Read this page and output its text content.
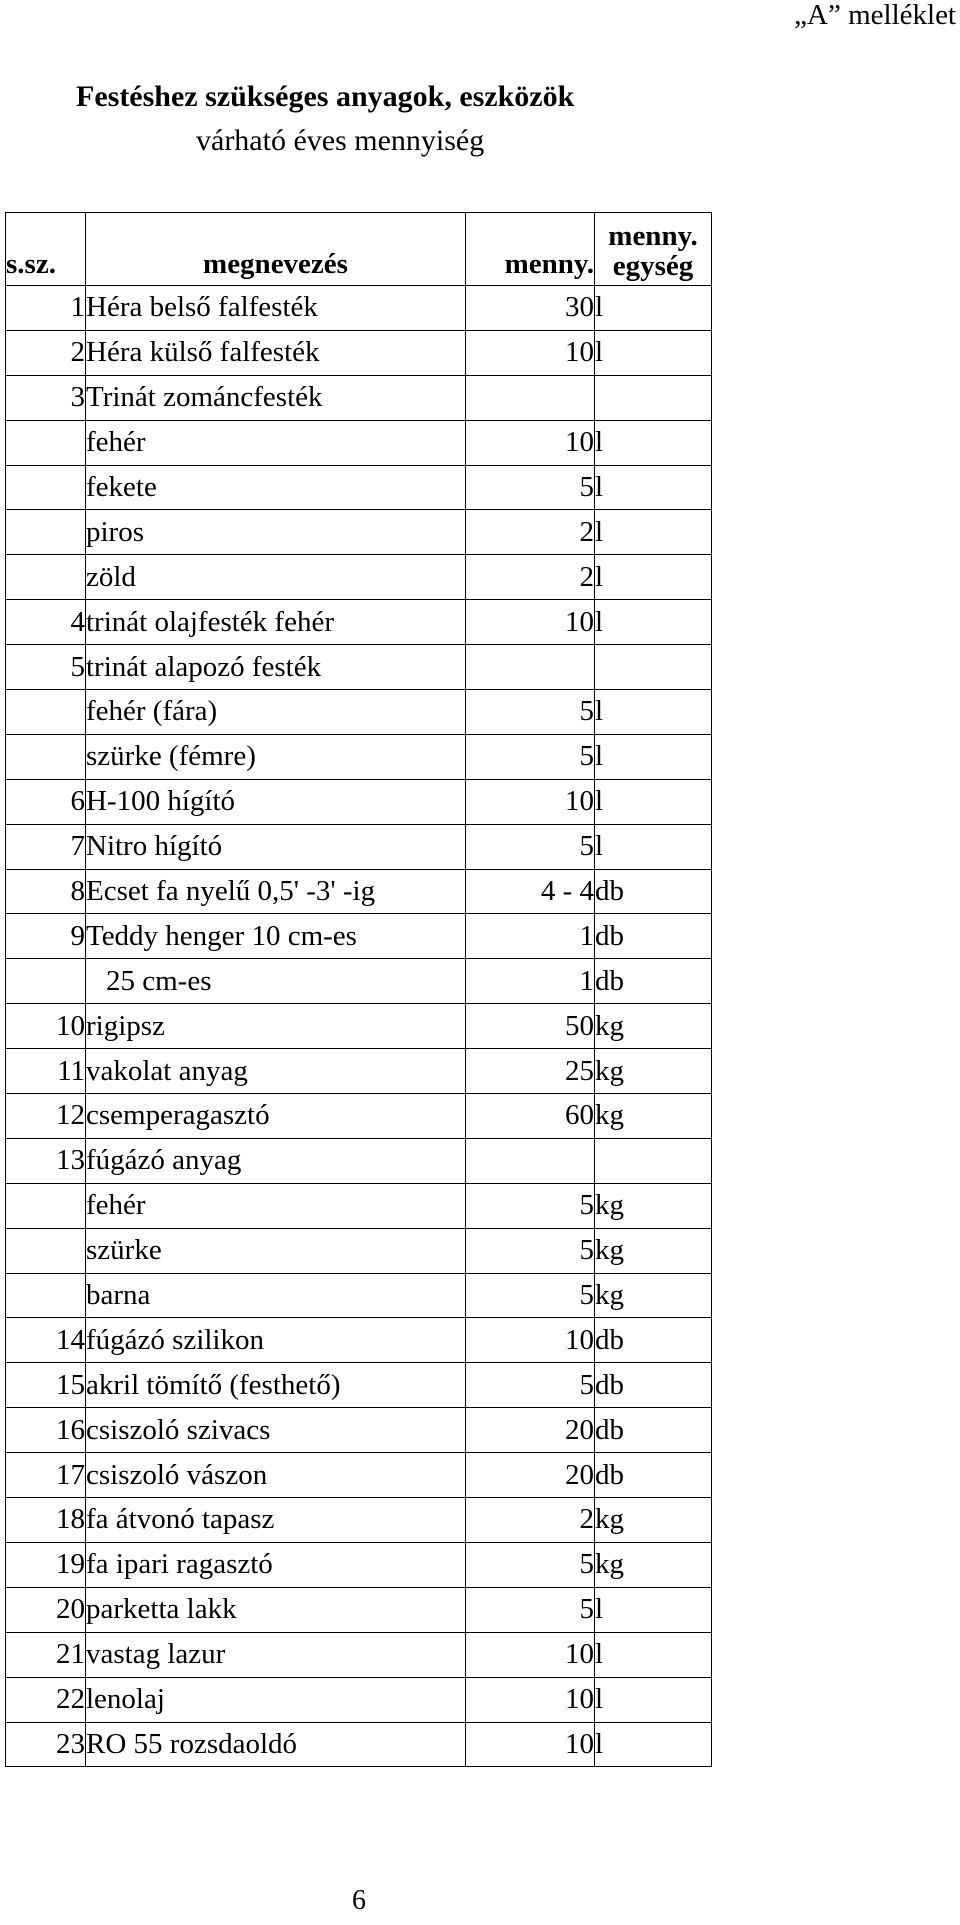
„A” melléklet
Festéshez szükséges anyagok, eszközök
várható éves mennyiség
s.sz.	megnevezés	menny.	menny.
egység
1	Héra belső falfesték	30	l
2	Héra külső falfesték	10	l
3	Trinát zománcfesték		
	fehér	10	l
	fekete	5	l
	piros	2	l
	zöld	2	l
4	trinát olajfesték fehér	10	l
5	trinát alapozó festék		
	fehér (fára)	5	l
	szürke (fémre)	5	l
6	H-100 hígító	10	l
7	Nitro hígító	5	l
8	Ecset fa nyelű 0,5' -3' -ig	4 - 4	db
9	Teddy henger 10 cm-es	1	db
	25 cm-es	1	db
10	rigipsz	50	kg
11	vakolat anyag	25	kg
12	csemperagasztó	60	kg
13	fúgázó anyag		
	fehér	5	kg
	szürke	5	kg
	barna	5	kg
14	fúgázó szilikon	10	db
15	akril tömítő (festhető)	5	db
16	csiszoló szivacs	20	db
17	csiszoló vászon	20	db
18	fa átvonó tapasz	2	kg
19	fa ipari ragasztó	5	kg
20	parketta lakk	5	l
21	vastag lazur	10	l
22	lenolaj	10	l
23	RO 55 rozsdaoldó	10	l
6
